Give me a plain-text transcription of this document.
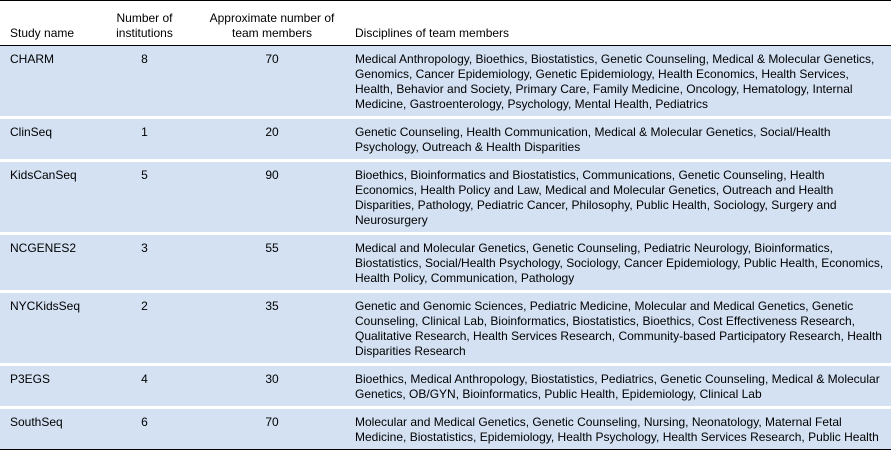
Study name	Number of institutions	Approximate number of team members	Disciplines of team members
CHARM	8	70	Medical Anthropology, Bioethics, Biostatistics, Genetic Counseling, Medical & Molecular Genetics, Genomics, Cancer Epidemiology, Genetic Epidemiology, Health Economics, Health Services, Health, Behavior and Society, Primary Care, Family Medicine, Oncology, Hematology, Internal Medicine, Gastroenterology, Psychology, Mental Health, Pediatrics
ClinSeq	1	20	Genetic Counseling, Health Communication, Medical & Molecular Genetics, Social/Health Psychology, Outreach & Health Disparities
KidsCanSeq	5	90	Bioethics, Bioinformatics and Biostatistics, Communications, Genetic Counseling, Health Economics, Health Policy and Law, Medical and Molecular Genetics, Outreach and Health Disparities, Pathology, Pediatric Cancer, Philosophy, Public Health, Sociology, Surgery and Neurosurgery
NCGENES2	3	55	Medical and Molecular Genetics, Genetic Counseling, Pediatric Neurology, Bioinformatics, Biostatistics, Social/Health Psychology, Sociology, Cancer Epidemiology, Public Health, Economics, Health Policy, Communication, Pathology
NYCKidsSeq	2	35	Genetic and Genomic Sciences, Pediatric Medicine, Molecular and Medical Genetics, Genetic Counseling, Clinical Lab, Bioinformatics, Biostatistics, Bioethics, Cost Effectiveness Research, Qualitative Research, Health Services Research, Community-based Participatory Research, Health Disparities Research
P3EGS	4	30	Bioethics, Medical Anthropology, Biostatistics, Pediatrics, Genetic Counseling, Medical & Molecular Genetics, OB/GYN, Bioinformatics, Public Health, Epidemiology, Clinical Lab
SouthSeq	6	70	Molecular and Medical Genetics, Genetic Counseling, Nursing, Neonatology, Maternal Fetal Medicine, Biostatistics, Epidemiology, Health Psychology, Health Services Research, Public Health
